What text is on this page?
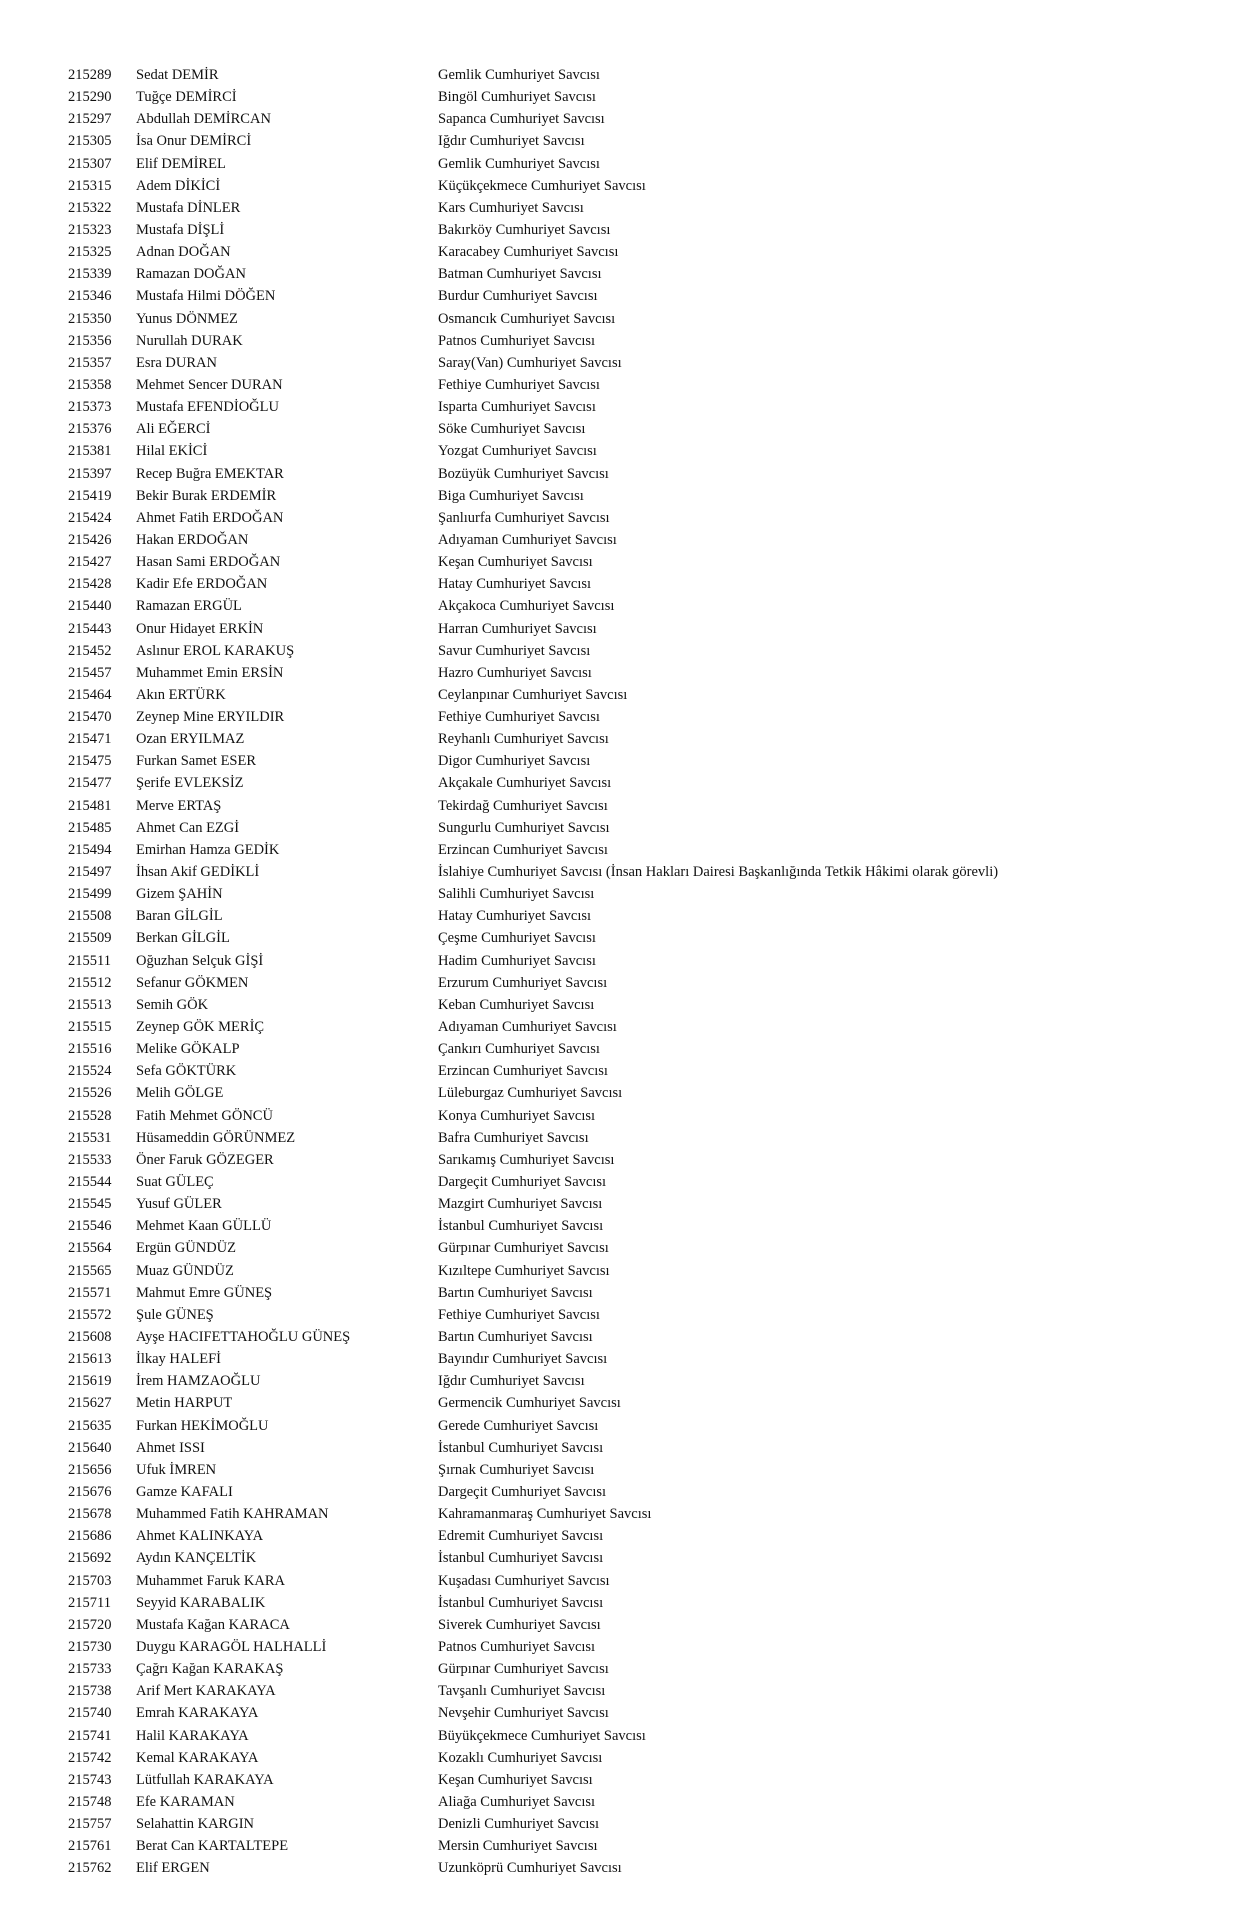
215289 Sedat DEMİR	Gemlik Cumhuriyet Savcısı
215290 Tuğçe DEMİRCİ	Bingöl Cumhuriyet Savcısı
215297 Abdullah DEMİRCAN	Sapanca Cumhuriyet Savcısı
215305 İsa Onur DEMİRCİ	Iğdır Cumhuriyet Savcısı
215307 Elif DEMİREL	Gemlik Cumhuriyet Savcısı
215315 Adem DİKİCİ	Küçükçekmece Cumhuriyet Savcısı
215322 Mustafa DİNLER	Kars Cumhuriyet Savcısı
215323 Mustafa DİŞLİ	Bakırköy Cumhuriyet Savcısı
215325 Adnan DOĞAN	Karacabey Cumhuriyet Savcısı
215339 Ramazan DOĞAN	Batman Cumhuriyet Savcısı
215346 Mustafa Hilmi DÖĞEN	Burdur Cumhuriyet Savcısı
215350 Yunus DÖNMEZ	Osmancık Cumhuriyet Savcısı
215356 Nurullah DURAK	Patnos Cumhuriyet Savcısı
215357 Esra DURAN	Saray(Van) Cumhuriyet Savcısı
215358 Mehmet Sencer DURAN	Fethiye Cumhuriyet Savcısı
215373 Mustafa EFENDİOĞLU	Isparta Cumhuriyet Savcısı
215376 Ali EĞERCİ	Söke Cumhuriyet Savcısı
215381 Hilal EKİCİ	Yozgat Cumhuriyet Savcısı
215397 Recep Buğra EMEKTAR	Bozüyük Cumhuriyet Savcısı
215419 Bekir Burak ERDEMİR	Biga Cumhuriyet Savcısı
215424 Ahmet Fatih ERDOĞAN	Şanlıurfa Cumhuriyet Savcısı
215426 Hakan ERDOĞAN	Adıyaman Cumhuriyet Savcısı
215427 Hasan Sami ERDOĞAN	Keşan Cumhuriyet Savcısı
215428 Kadir Efe ERDOĞAN	Hatay Cumhuriyet Savcısı
215440 Ramazan ERGÜL	Akçakoca Cumhuriyet Savcısı
215443 Onur Hidayet ERKİN	Harran Cumhuriyet Savcısı
215452 Aslınur EROL KARAKUŞ	Savur Cumhuriyet Savcısı
215457 Muhammet Emin ERSİN	Hazro Cumhuriyet Savcısı
215464 Akın ERTÜRK	Ceylanpınar Cumhuriyet Savcısı
215470 Zeynep Mine ERYILDIR	Fethiye Cumhuriyet Savcısı
215471 Ozan ERYILMAZ	Reyhanlı Cumhuriyet Savcısı
215475 Furkan Samet ESER	Digor Cumhuriyet Savcısı
215477 Şerife EVLEKSİZ	Akçakale Cumhuriyet Savcısı
215481 Merve ERTAŞ	Tekirdağ Cumhuriyet Savcısı
215485 Ahmet Can EZGİ	Sungurlu Cumhuriyet Savcısı
215494 Emirhan Hamza GEDİK	Erzincan Cumhuriyet Savcısı
215497 İhsan Akif GEDİKLİ	İslahiye Cumhuriyet Savcısı (İnsan Hakları Dairesi Başkanlığında Tetkik Hâkimi olarak görevli)
215499 Gizem ŞAHİN	Salihli Cumhuriyet Savcısı
215508 Baran GİLGİL	Hatay Cumhuriyet Savcısı
215509 Berkan GİLGİL	Çeşme Cumhuriyet Savcısı
215511 Oğuzhan Selçuk GİŞİ	Hadim Cumhuriyet Savcısı
215512 Sefanur GÖKMEN	Erzurum Cumhuriyet Savcısı
215513 Semih GÖK	Keban Cumhuriyet Savcısı
215515 Zeynep GÖK MERİÇ	Adıyaman Cumhuriyet Savcısı
215516 Melike GÖKALP	Çankırı Cumhuriyet Savcısı
215524 Sefa GÖKTÜRK	Erzincan Cumhuriyet Savcısı
215526 Melih GÖLGE	Lüleburgaz Cumhuriyet Savcısı
215528 Fatih Mehmet GÖNCÜ	Konya Cumhuriyet Savcısı
215531 Hüsameddin GÖRÜNMEZ	Bafra Cumhuriyet Savcısı
215533 Öner Faruk GÖZEGER	Sarıkamış Cumhuriyet Savcısı
215544 Suat GÜLEÇ	Dargeçit Cumhuriyet Savcısı
215545 Yusuf GÜLER	Mazgirt Cumhuriyet Savcısı
215546 Mehmet Kaan GÜLLÜ	İstanbul Cumhuriyet Savcısı
215564 Ergün GÜNDÜZ	Gürpınar Cumhuriyet Savcısı
215565 Muaz GÜNDÜZ	Kızıltepe Cumhuriyet Savcısı
215571 Mahmut Emre GÜNEŞ	Bartın Cumhuriyet Savcısı
215572 Şule GÜNEŞ	Fethiye Cumhuriyet Savcısı
215608 Ayşe HACIFETTAHOĞLU GÜNEŞ	Bartın Cumhuriyet Savcısı
215613 İlkay HALEFİ	Bayındır Cumhuriyet Savcısı
215619 İrem HAMZAOĞLU	Iğdır Cumhuriyet Savcısı
215627 Metin HARPUT	Germencik Cumhuriyet Savcısı
215635 Furkan HEKİMOĞLU	Gerede Cumhuriyet Savcısı
215640 Ahmet ISSI	İstanbul Cumhuriyet Savcısı
215656 Ufuk İMREN	Şırnak Cumhuriyet Savcısı
215676 Gamze KAFALI	Dargeçit Cumhuriyet Savcısı
215678 Muhammed Fatih KAHRAMAN	Kahramanmaraş Cumhuriyet Savcısı
215686 Ahmet KALINKAYA	Edremit Cumhuriyet Savcısı
215692 Aydın KANÇELTİK	İstanbul Cumhuriyet Savcısı
215703 Muhammet Faruk KARA	Kuşadası Cumhuriyet Savcısı
215711 Seyyid KARABALIK	İstanbul Cumhuriyet Savcısı
215720 Mustafa Kağan KARACA	Siverek Cumhuriyet Savcısı
215730 Duygu KARAGÖL HALHALLİ	Patnos Cumhuriyet Savcısı
215733 Çağrı Kağan KARAKAŞ	Gürpınar Cumhuriyet Savcısı
215738 Arif Mert KARAKAYA	Tavşanlı Cumhuriyet Savcısı
215740 Emrah KARAKAYA	Nevşehir Cumhuriyet Savcısı
215741 Halil KARAKAYA	Büyükçekmece Cumhuriyet Savcısı
215742 Kemal KARAKAYA	Kozaklı Cumhuriyet Savcısı
215743 Lütfullah KARAKAYA	Keşan Cumhuriyet Savcısı
215748 Efe KARAMAN	Aliağa Cumhuriyet Savcısı
215757 Selahattin KARGIN	Denizli Cumhuriyet Savcısı
215761 Berat Can KARTALTEPE	Mersin Cumhuriyet Savcısı
215762 Elif ERGEN	Uzunköprü Cumhuriyet Savcısı
